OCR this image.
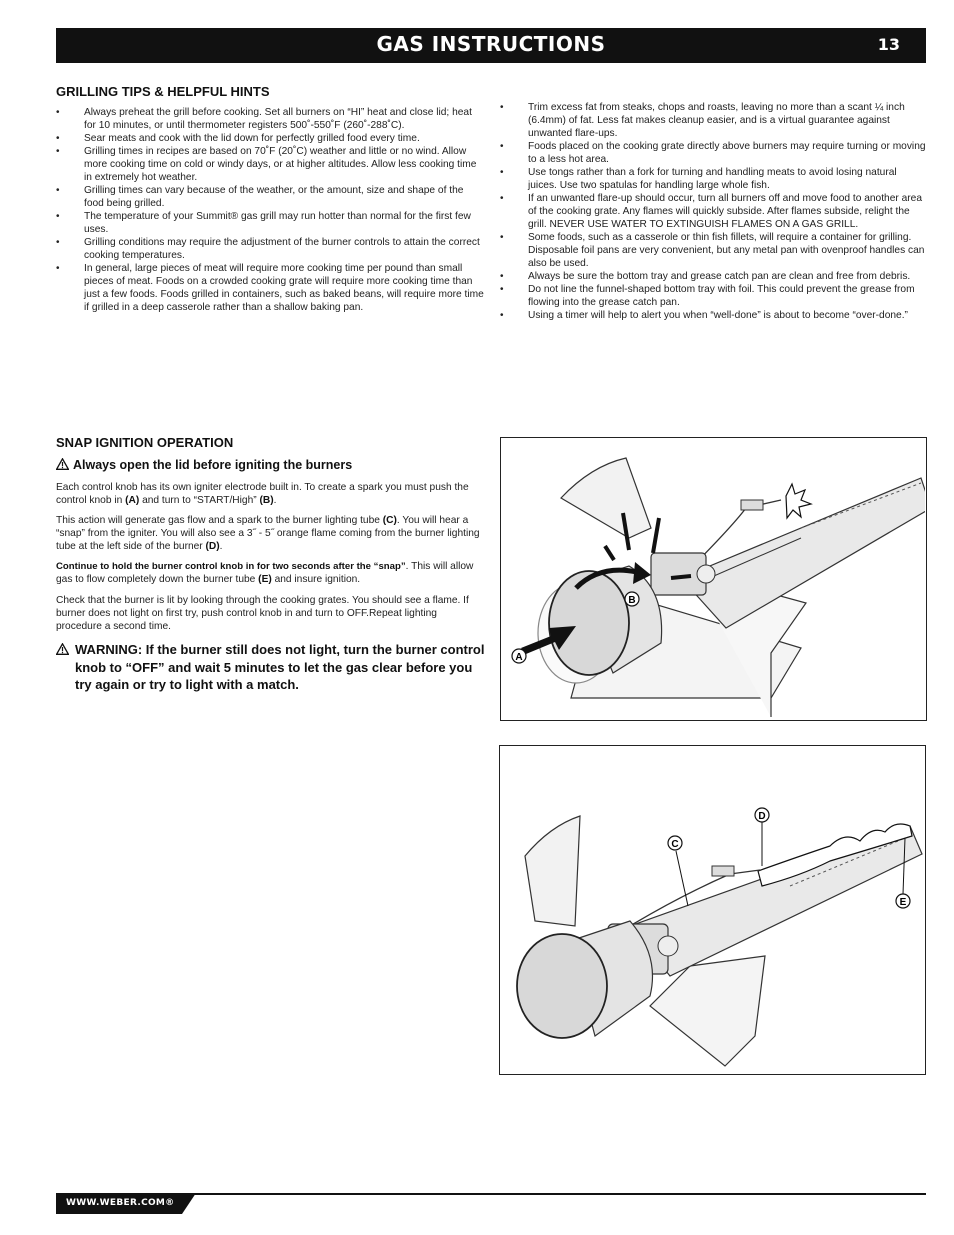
GAS INSTRUCTIONS	13
GRILLING TIPS & HELPFUL HINTS
• Always preheat the grill before cooking. Set all burners on “HI” heat and close lid; heat for 10 minutes, or until thermometer registers 500˚-550˚F (260˚-288˚C).
• Sear meats and cook with the lid down for perfectly grilled food every time.
• Grilling times in recipes are based on 70˚F (20˚C) weather and little or no wind. Allow more cooking time on cold or windy days, or at higher altitudes. Allow less cooking time in extremely hot weather.
• Grilling times can vary because of the weather, or the amount, size and shape of the food being grilled.
• The temperature of your Summit® gas grill may run hotter than normal for the first few uses.
• Grilling conditions may require the adjustment of the burner controls to attain the correct cooking temperatures.
• In general, large pieces of meat will require more cooking time per pound than small pieces of meat. Foods on a crowded cooking grate will require more cooking time than just a few foods. Foods grilled in containers, such as baked beans, will require more time if grilled in a deep casserole rather than a shallow baking pan.
• Trim excess fat from steaks, chops and roasts, leaving no more than a scant ¼ inch (6.4mm) of fat. Less fat makes cleanup easier, and is a virtual guarantee against unwanted flare-ups.
• Foods placed on the cooking grate directly above burners may require turning or moving to a less hot area.
• Use tongs rather than a fork for turning and handling meats to avoid losing natural juices. Use two spatulas for handling large whole fish.
• If an unwanted flare-up should occur, turn all burners off and move food to another area of the cooking grate. Any flames will quickly subside. After flames subside, relight the grill. NEVER USE WATER TO EXTINGUISH FLAMES ON A GAS GRILL.
• Some foods, such as a casserole or thin fish fillets, will require a container for grilling. Disposable foil pans are very convenient, but any metal pan with ovenproof handles can also be used.
• Always be sure the bottom tray and grease catch pan are clean and free from debris.
• Do not line the funnel-shaped bottom tray with foil. This could prevent the grease from flowing into the grease catch pan.
• Using a timer will help to alert you when “well-done” is about to become “over-done.”
SNAP IGNITION OPERATION
Always open the lid before igniting the burners

Each control knob has its own igniter electrode built in. To create a spark you must push the control knob in (A) and turn to “START/High” (B).

This action will generate gas flow and a spark to the burner lighting tube (C). You will hear a “snap” from the igniter. You will also see a 3˝ - 5˝ orange flame coming from the burner lighting tube at the left side of the burner (D).

Continue to hold the burner control knob in for two seconds after the “snap”. This will allow gas to flow completely down the burner tube (E) and insure ignition.

Check that the burner is lit by looking through the cooking grates. You should see a flame. If burner does not light on first try, push control knob in and turn to OFF.Repeat lighting procedure a second time.

WARNING: If the burner still does not light, turn the burner control knob to “OFF” and wait 5 minutes to let the gas clear before you try again or try to light with a match.
B
A
C
D
E
WWW.WEBER.COM®
